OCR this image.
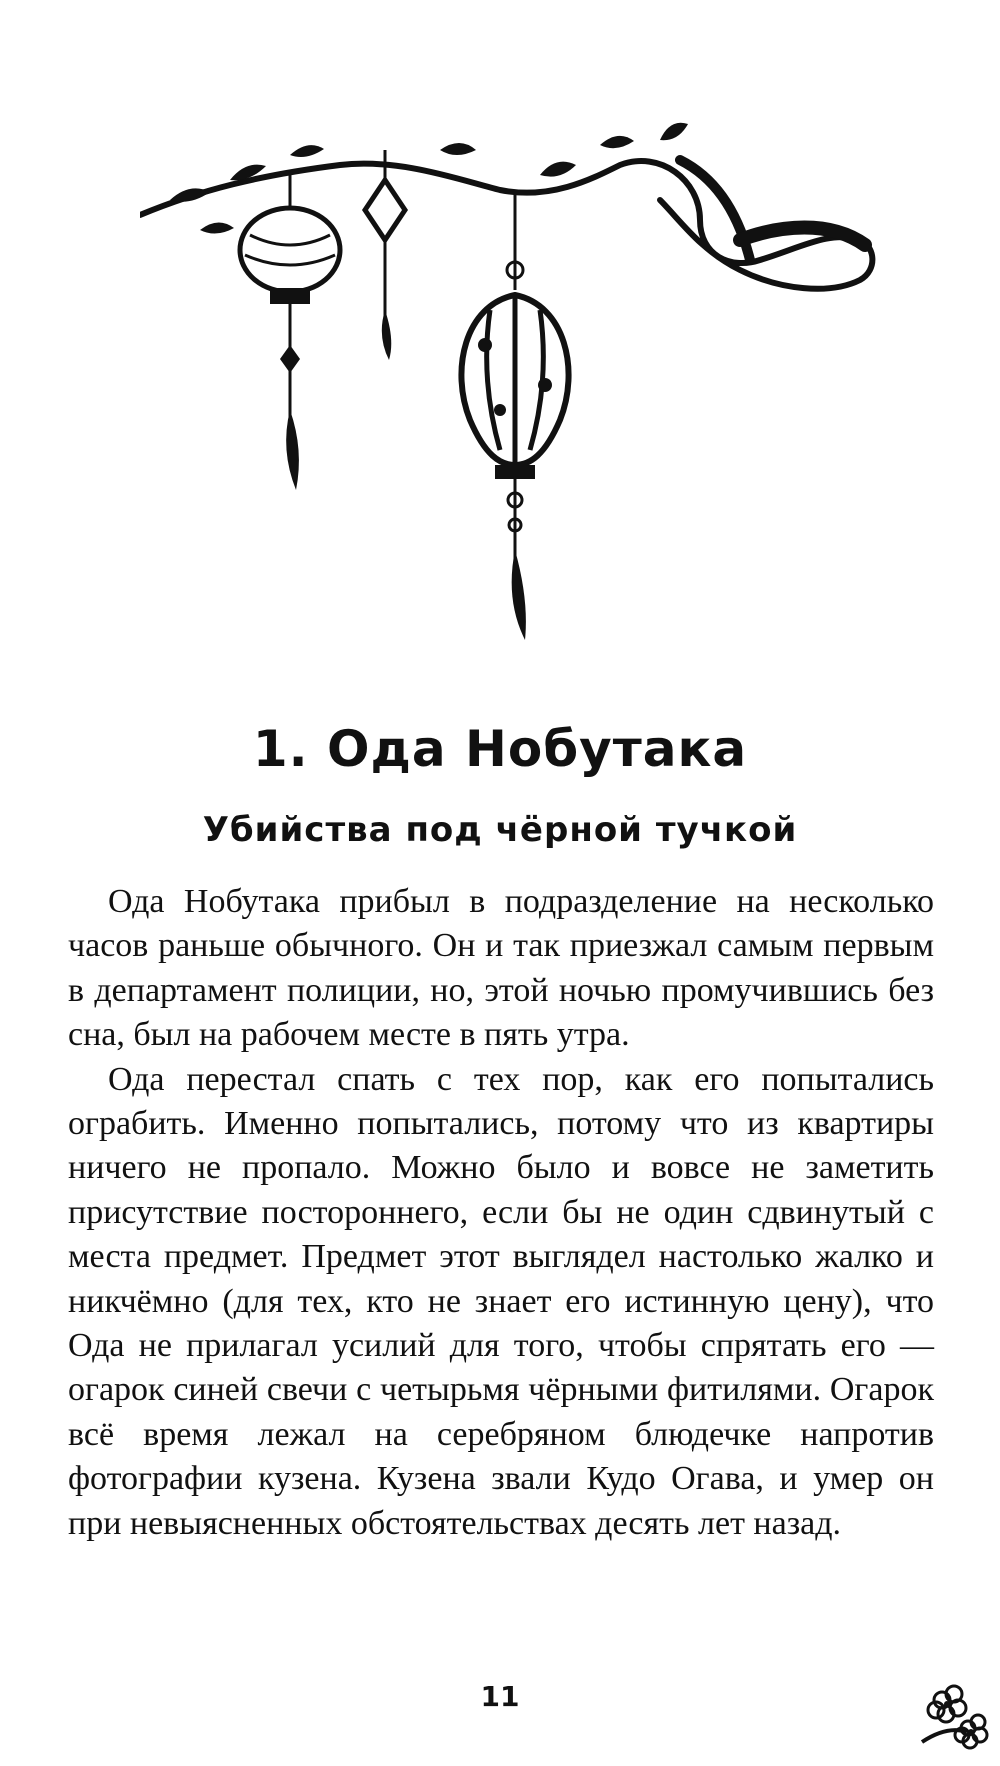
1. Ода Нобутака
Убийства под чёрной тучкой

Ода Нобутака прибыл в подразделение на несколько часов раньше обычного. Он и так приезжал самым первым в департамент полиции, но, этой ночью промучившись без сна, был на рабочем месте в пять утра.

Ода перестал спать с тех пор, как его попытались ограбить. Именно попытались, потому что из квартиры ничего не пропало. Можно было и вовсе не заметить присутствие постороннего, если бы не один сдвинутый с места предмет. Предмет этот выглядел настолько жалко и никчёмно (для тех, кто не знает его истинную цену), что Ода не прилагал усилий для того, чтобы спрятать его — огарок синей свечи с четырьмя чёрными фитилями. Огарок всё время лежал на серебряном блюдечке напротив фотографии кузена. Кузена звали Кудо Огава, и умер он при невыясненных обстоятельствах десять лет назад.

11
